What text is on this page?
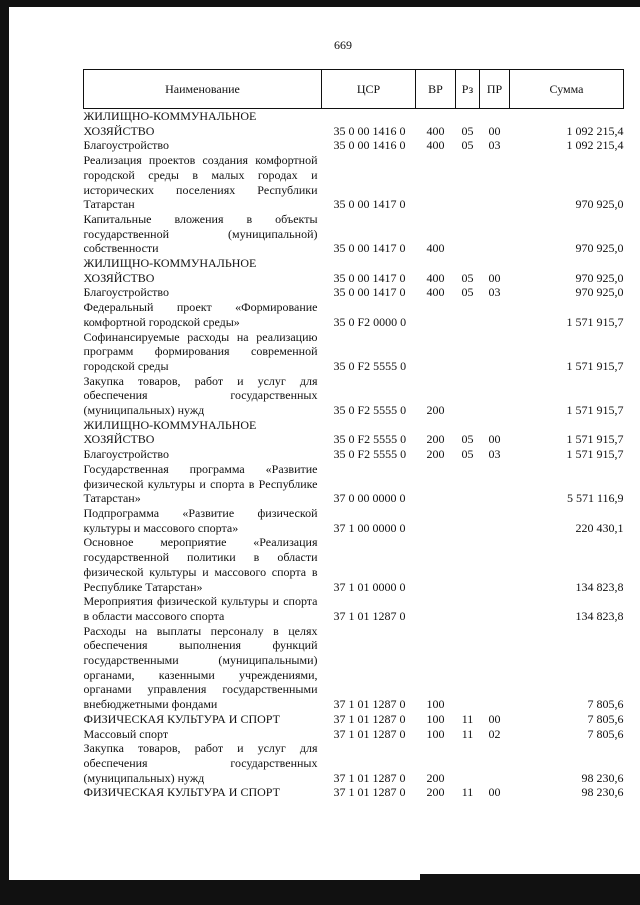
669
Наименование	ЦСР	ВР	Рз	ПР	Сумма
ЖИЛИЩНО-КОММУНАЛЬНОЕ ХОЗЯЙСТВО	35 0 00 1416 0	400	05	00	1 092 215,4
Благоустройство	35 0 00 1416 0	400	05	03	1 092 215,4
Реализация проектов создания комфортной городской среды в малых городах и исторических поселениях Республики Татарстан	35 0 00 1417 0				970 925,0
Капитальные вложения в объекты государственной (муниципальной) собственности	35 0 00 1417 0	400			970 925,0
ЖИЛИЩНО-КОММУНАЛЬНОЕ ХОЗЯЙСТВО	35 0 00 1417 0	400	05	00	970 925,0
Благоустройство	35 0 00 1417 0	400	05	03	970 925,0
Федеральный проект «Формирование комфортной городской среды»	35 0 F2 0000 0				1 571 915,7
Софинансируемые расходы на реализацию программ формирования современной городской среды	35 0 F2 5555 0				1 571 915,7
Закупка товаров, работ и услуг для обеспечения государственных (муниципальных) нужд	35 0 F2 5555 0	200			1 571 915,7
ЖИЛИЩНО-КОММУНАЛЬНОЕ ХОЗЯЙСТВО	35 0 F2 5555 0	200	05	00	1 571 915,7
Благоустройство	35 0 F2 5555 0	200	05	03	1 571 915,7
Государственная программа «Развитие физической культуры и спорта в Республике Татарстан»	37 0 00 0000 0				5 571 116,9
Подпрограмма «Развитие физической культуры и массового спорта»	37 1 00 0000 0				220 430,1
Основное мероприятие «Реализация государственной политики в области физической культуры и массового спорта в Республике Татарстан»	37 1 01 0000 0				134 823,8
Мероприятия физической культуры и спорта в области массового спорта	37 1 01 1287 0				134 823,8
Расходы на выплаты персоналу в целях обеспечения выполнения функций государственными (муниципальными) органами, казенными учреждениями, органами управления государственными внебюджетными фондами	37 1 01 1287 0	100			7 805,6
ФИЗИЧЕСКАЯ КУЛЬТУРА И СПОРТ	37 1 01 1287 0	100	11	00	7 805,6
Массовый спорт	37 1 01 1287 0	100	11	02	7 805,6
Закупка товаров, работ и услуг для обеспечения государственных (муниципальных) нужд	37 1 01 1287 0	200			98 230,6
ФИЗИЧЕСКАЯ КУЛЬТУРА И СПОРТ	37 1 01 1287 0	200	11	00	98 230,6
